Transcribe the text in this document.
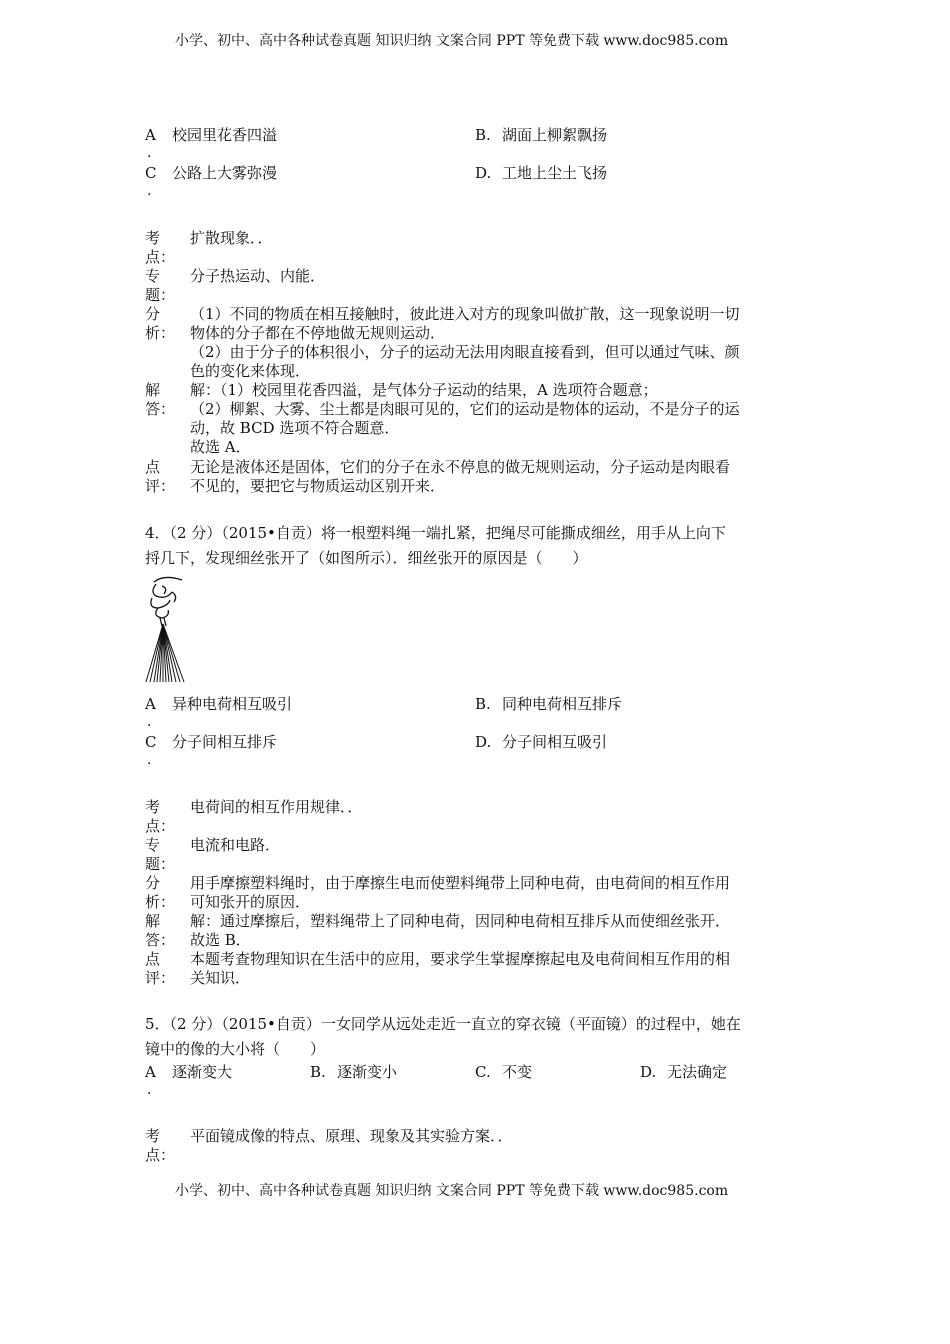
小学、初中、高中各种试卷真题 知识归纳 文案合同 PPT 等免费下载 www.doc985.com
A	校园里花香四溢	B. 湖面上柳絮飘扬
.
C	公路上大雾弥漫	D. 工地上尘土飞扬
.
考
点：
扩散现象．．
专
题：
分子热运动、内能．
分
析：
（1）不同的物质在相互接触时，彼此进入对方的现象叫做扩散，这一现象说明一切
物体的分子都在不停地做无规则运动．
（2）由于分子的体积很小，分子的运动无法用肉眼直接看到，但可以通过气味、颜
色的变化来体现．
解
答：
解：（1）校园里花香四溢，是气体分子运动的结果，A 选项符合题意；
（2）柳絮、大雾、尘土都是肉眼可见的，它们的运动是物体的运动，不是分子的运
动，故 BCD 选项不符合题意．
故选 A．
点
评：
无论是液体还是固体，它们的分子在永不停息的做无规则运动，分子运动是肉眼看
不见的，要把它与物质运动区别开来．
4．（2 分）（2015•自贡）将一根塑料绳一端扎紧，把绳尽可能撕成细丝，用手从上向下
捋几下，发现细丝张开了（如图所示）．细丝张开的原因是（　　）
A	异种电荷相互吸引	B. 同种电荷相互排斥
.
C	分子间相互排斥	D. 分子间相互吸引
.
考
点：
电荷间的相互作用规律．．
专
题：
电流和电路．
分
析：
用手摩擦塑料绳时，由于摩擦生电而使塑料绳带上同种电荷，由电荷间的相互作用
可知张开的原因．
解
答：
解：通过摩擦后，塑料绳带上了同种电荷，因同种电荷相互排斥从而使细丝张开．
故选 B．
点
评：
本题考查物理知识在生活中的应用，要求学生掌握摩擦起电及电荷间相互作用的相
关知识．
5．（2 分）（2015•自贡）一女同学从远处走近一直立的穿衣镜（平面镜）的过程中，她在
镜中的像的大小将（　　）
A	逐渐变大	B. 逐渐变小	C. 不变	D. 无法确定
.
考
点：
平面镜成像的特点、原理、现象及其实验方案．．
小学、初中、高中各种试卷真题 知识归纳 文案合同 PPT 等免费下载 www.doc985.com
